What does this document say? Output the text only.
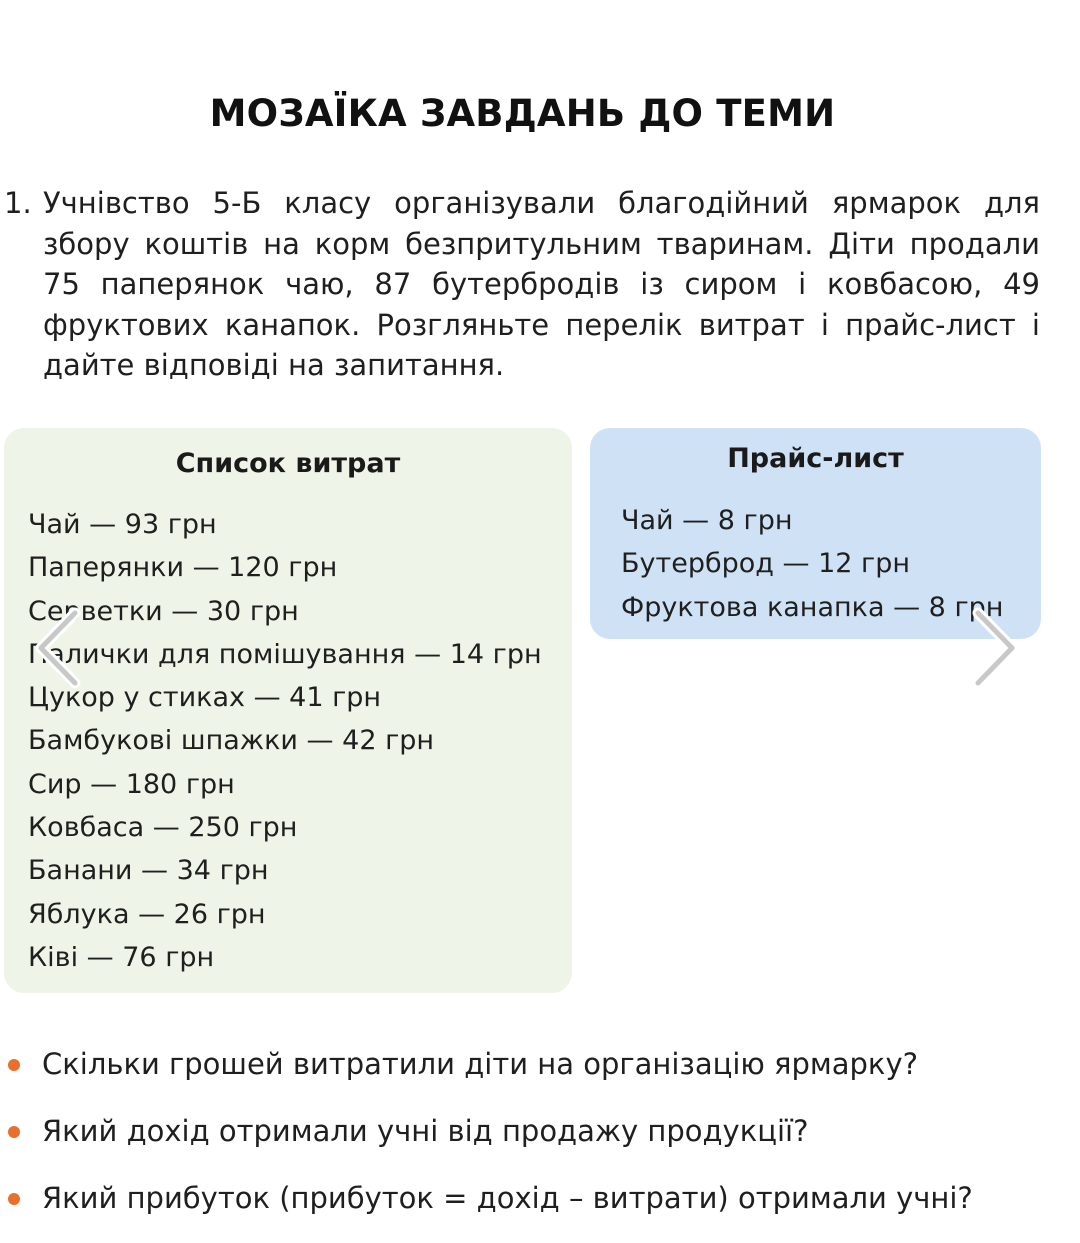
МОЗАЇКА ЗАВДАНЬ ДО ТЕМИ
1. Учнівство 5-Б класу організували благодійний ярмарок для збору коштів на корм безпритульним тваринам. Діти продали 75 паперянок чаю, 87 бутербродів із сиром і ковбасою, 49 фруктових канапок. Розгляньте перелік витрат і прайс-лист і дайте відповіді на запитання.
Список витрат
Чай — 93 грн
Паперянки — 120 грн
Серветки — 30 грн
Палички для помішування — 14 грн
Цукор у стиках — 41 грн
Бамбукові шпажки — 42 грн
Сир — 180 грн
Ковбаса — 250 грн
Банани — 34 грн
Яблука — 26 грн
Ківі — 76 грн
Прайс-лист
Чай — 8 грн
Бутерброд — 12 грн
Фруктова канапка — 8 грн
Скільки грошей витратили діти на організацію ярмарку?
Який дохід отримали учні від продажу продукції?
Який прибуток (прибуток = дохід – витрати) отримали учні?
